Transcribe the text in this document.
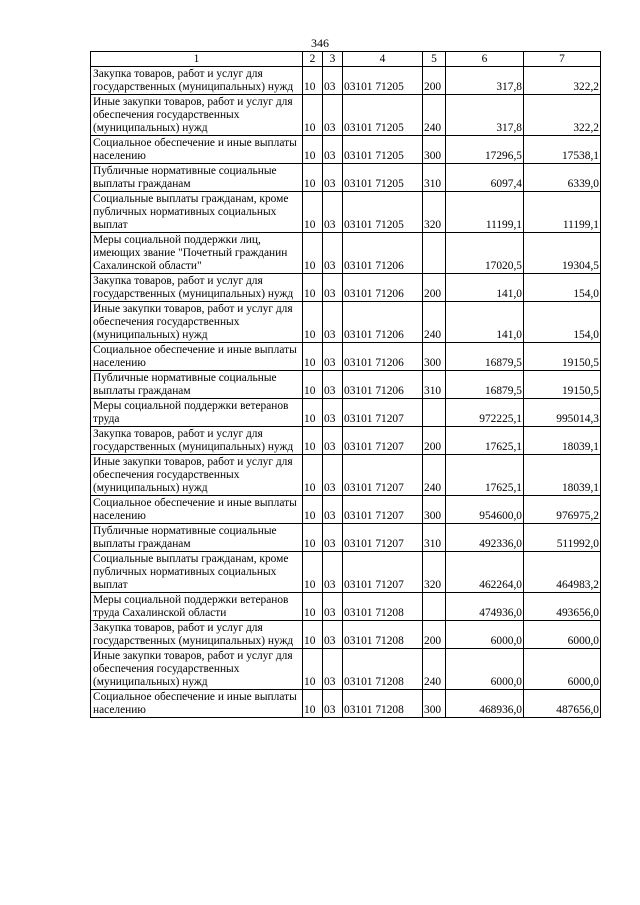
346
1	2	3	4	5	6	7
Закупка товаров, работ и услуг для государственных (муниципальных) нужд	10	03	03101 71205	200	317,8	322,2
Иные закупки товаров, работ и услуг для обеспечения государственных (муниципальных) нужд	10	03	03101 71205	240	317,8	322,2
Социальное обеспечение и иные выплаты населению	10	03	03101 71205	300	17296,5	17538,1
Публичные нормативные социальные выплаты гражданам	10	03	03101 71205	310	6097,4	6339,0
Социальные выплаты гражданам, кроме публичных нормативных социальных выплат	10	03	03101 71205	320	11199,1	11199,1
Меры социальной поддержки лиц, имеющих звание "Почетный гражданин Сахалинской области"	10	03	03101 71206		17020,5	19304,5
Закупка товаров, работ и услуг для государственных (муниципальных) нужд	10	03	03101 71206	200	141,0	154,0
Иные закупки товаров, работ и услуг для обеспечения государственных (муниципальных) нужд	10	03	03101 71206	240	141,0	154,0
Социальное обеспечение и иные выплаты населению	10	03	03101 71206	300	16879,5	19150,5
Публичные нормативные социальные выплаты гражданам	10	03	03101 71206	310	16879,5	19150,5
Меры социальной поддержки ветеранов труда	10	03	03101 71207		972225,1	995014,3
Закупка товаров, работ и услуг для государственных (муниципальных) нужд	10	03	03101 71207	200	17625,1	18039,1
Иные закупки товаров, работ и услуг для обеспечения государственных (муниципальных) нужд	10	03	03101 71207	240	17625,1	18039,1
Социальное обеспечение и иные выплаты населению	10	03	03101 71207	300	954600,0	976975,2
Публичные нормативные социальные выплаты гражданам	10	03	03101 71207	310	492336,0	511992,0
Социальные выплаты гражданам, кроме публичных нормативных социальных выплат	10	03	03101 71207	320	462264,0	464983,2
Меры социальной поддержки ветеранов труда Сахалинской области	10	03	03101 71208		474936,0	493656,0
Закупка товаров, работ и услуг для государственных (муниципальных) нужд	10	03	03101 71208	200	6000,0	6000,0
Иные закупки товаров, работ и услуг для обеспечения государственных (муниципальных) нужд	10	03	03101 71208	240	6000,0	6000,0
Социальное обеспечение и иные выплаты населению	10	03	03101 71208	300	468936,0	487656,0
